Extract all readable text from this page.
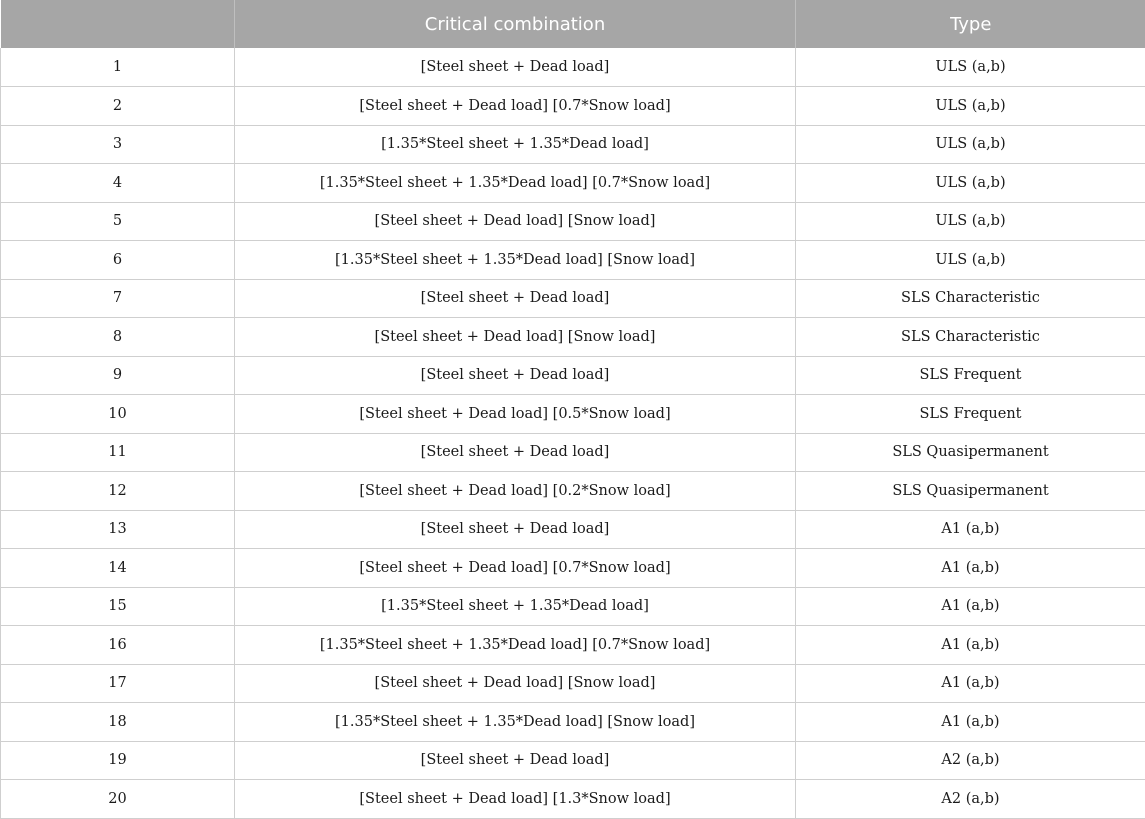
	Critical combination	Type
1	[Steel sheet + Dead load]	ULS (a,b)
2	[Steel sheet + Dead load] [0.7*Snow load]	ULS (a,b)
3	[1.35*Steel sheet + 1.35*Dead load]	ULS (a,b)
4	[1.35*Steel sheet + 1.35*Dead load] [0.7*Snow load]	ULS (a,b)
5	[Steel sheet + Dead load] [Snow load]	ULS (a,b)
6	[1.35*Steel sheet + 1.35*Dead load] [Snow load]	ULS (a,b)
7	[Steel sheet + Dead load]	SLS Characteristic
8	[Steel sheet + Dead load] [Snow load]	SLS Characteristic
9	[Steel sheet + Dead load]	SLS Frequent
10	[Steel sheet + Dead load] [0.5*Snow load]	SLS Frequent
11	[Steel sheet + Dead load]	SLS Quasipermanent
12	[Steel sheet + Dead load] [0.2*Snow load]	SLS Quasipermanent
13	[Steel sheet + Dead load]	A1 (a,b)
14	[Steel sheet + Dead load] [0.7*Snow load]	A1 (a,b)
15	[1.35*Steel sheet + 1.35*Dead load]	A1 (a,b)
16	[1.35*Steel sheet + 1.35*Dead load] [0.7*Snow load]	A1 (a,b)
17	[Steel sheet + Dead load] [Snow load]	A1 (a,b)
18	[1.35*Steel sheet + 1.35*Dead load] [Snow load]	A1 (a,b)
19	[Steel sheet + Dead load]	A2 (a,b)
20	[Steel sheet + Dead load] [1.3*Snow load]	A2 (a,b)
